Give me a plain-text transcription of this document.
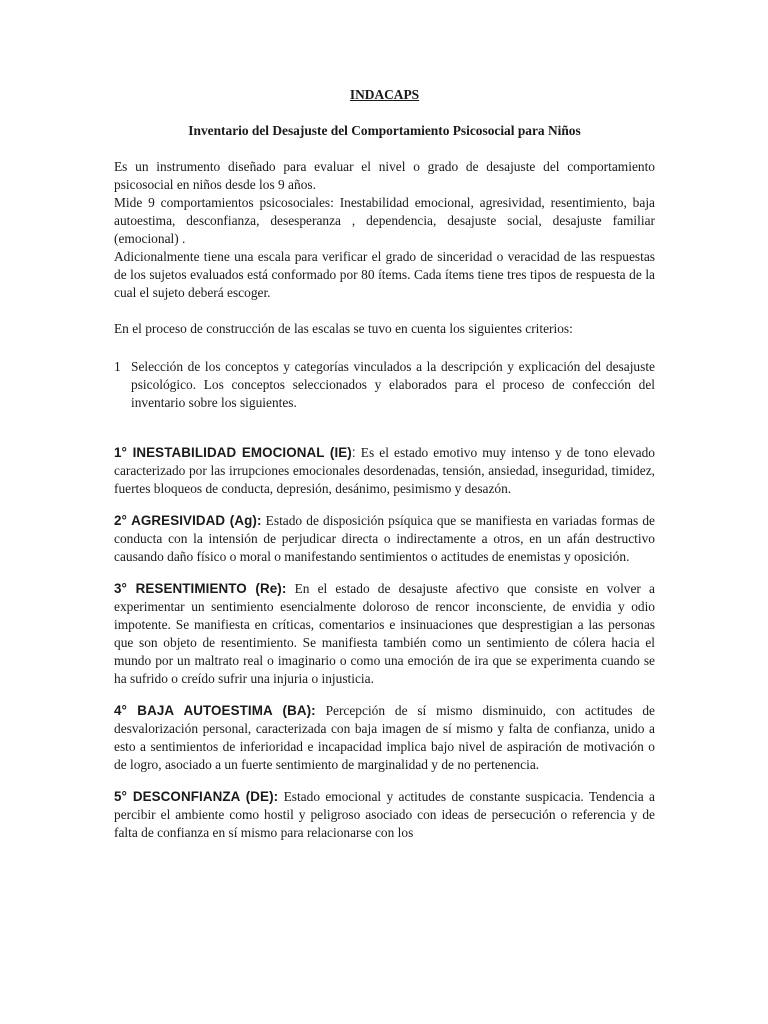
INDACAPS
Inventario del Desajuste del Comportamiento Psicosocial para Niños

Es un instrumento diseñado para evaluar el nivel o grado de desajuste del comportamiento psicosocial en niños desde los 9 años.

Mide 9 comportamientos psicosociales: Inestabilidad emocional, agresividad, resentimiento, baja autoestima, desconfianza, desesperanza , dependencia, desajuste social, desajuste familiar (emocional) .

Adicionalmente tiene una escala para verificar el grado de sinceridad o veracidad de las respuestas de los sujetos evaluados está conformado por 80 ítems. Cada ítems tiene tres tipos de respuesta de la cual el sujeto deberá escoger.

En el proceso de construcción de las escalas se tuvo en cuenta los siguientes criterios:

1 Selección de los conceptos y categorías vinculados a la descripción y explicación del desajuste psicológico. Los conceptos seleccionados y elaborados para el proceso de confección del inventario sobre los siguientes.

1° INESTABILIDAD EMOCIONAL (IE): Es el estado emotivo muy intenso y de tono elevado caracterizado por las irrupciones emocionales desordenadas, tensión, ansiedad, inseguridad, timidez, fuertes bloqueos de conducta, depresión, desánimo, pesimismo y desazón.

2° AGRESIVIDAD (Ag): Estado de disposición psíquica que se manifiesta en variadas formas de conducta con la intensión de perjudicar directa o indirectamente a otros, en un afán destructivo causando daño físico o moral o manifestando sentimientos o actitudes de enemistas y oposición.

3° RESENTIMIENTO (Re): En el estado de desajuste afectivo que consiste en volver a experimentar un sentimiento esencialmente doloroso de rencor inconsciente, de envidia y odio impotente. Se manifiesta en críticas, comentarios e insinuaciones que desprestigian a las personas que son objeto de resentimiento. Se manifiesta también como un sentimiento de cólera hacia el mundo por un maltrato real o imaginario o como una emoción de ira que se experimenta cuando se ha sufrido o creído sufrir una injuria o injusticia.

4° BAJA AUTOESTIMA (BA): Percepción de sí mismo disminuido, con actitudes de desvalorización personal, caracterizada con baja imagen de sí mismo y falta de confianza, unido a esto a sentimientos de inferioridad e incapacidad implica bajo nivel de aspiración de motivación o de logro, asociado a un fuerte sentimiento de marginalidad y de no pertenencia.

5° DESCONFIANZA (DE): Estado emocional y actitudes de constante suspicacia. Tendencia a percibir el ambiente como hostil y peligroso asociado con ideas de persecución o referencia y de falta de confianza en sí mismo para relacionarse con los
